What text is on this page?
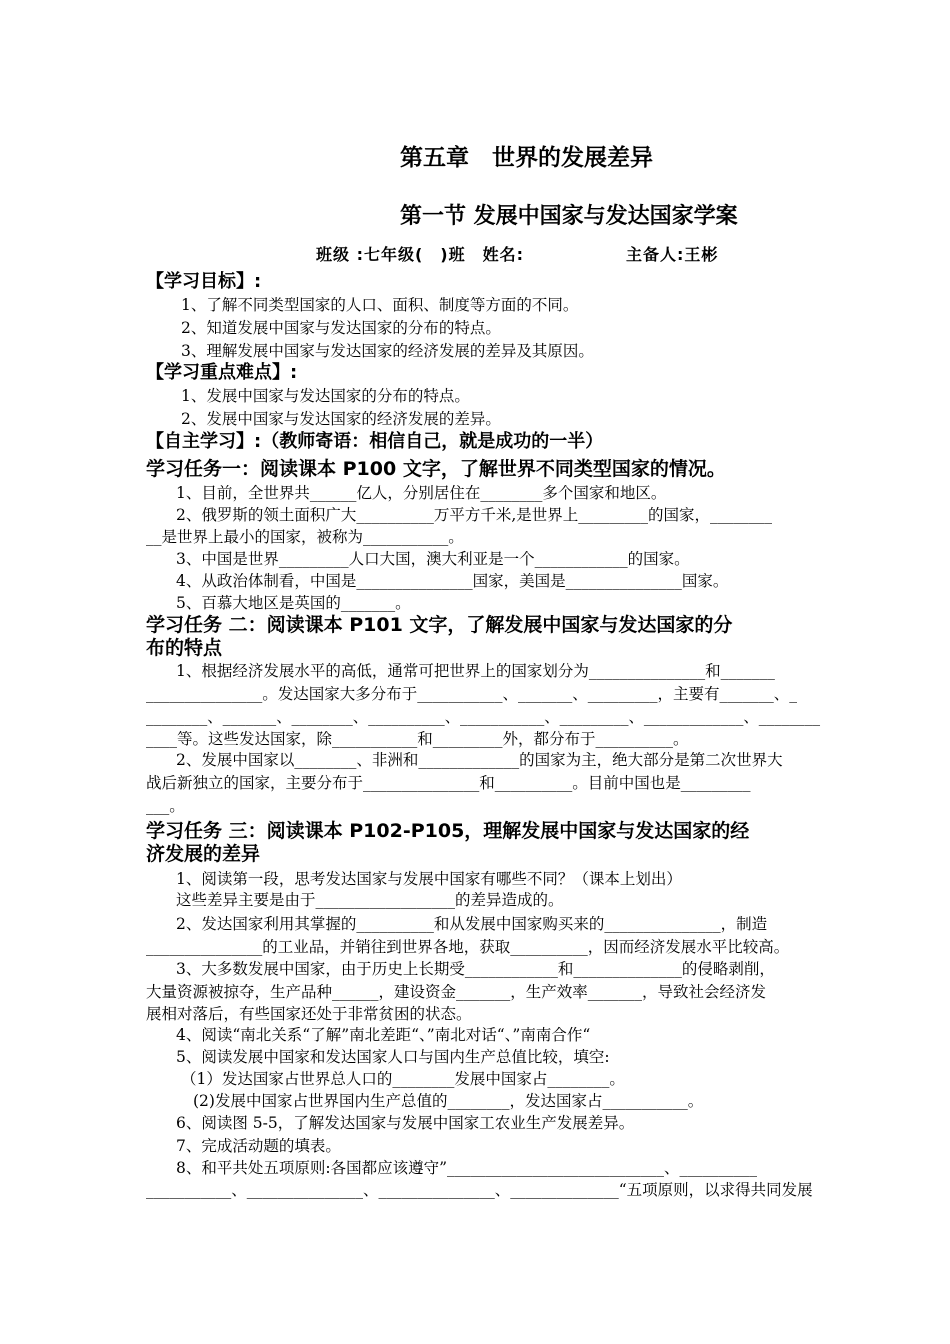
第五章　世界的发展差异
第一节 发展中国家与发达国家学案
班级 :七年级(　)班　姓名:　　　　　　主备人:王彬
【学习目标】:
1、了解不同类型国家的人口、面积、制度等方面的不同。
2、知道发展中国家与发达国家的分布的特点。
3、理解发展中国家与发达国家的经济发展的差异及其原因。
【学习重点难点】:
1、发展中国家与发达国家的分布的特点。
2、发展中国家与发达国家的经济发展的差异。
【自主学习】:（教师寄语：相信自己，就是成功的一半）
学习任务一：阅读课本 P100 文字，了解世界不同类型国家的情况。
1、目前，全世界共______亿人，分别居住在________多个国家和地区。
2、俄罗斯的领土面积广大__________万平方千米,是世界上_________的国家，________
__是世界上最小的国家，被称为___________。
3、中国是世界_________人口大国，澳大利亚是一个____________的国家。
4、从政治体制看，中国是_______________国家，美国是_______________国家。
5、百慕大地区是英国的_______。
学习任务 二：阅读课本 P101 文字，了解发展中国家与发达国家的分
布的特点
1、根据经济发展水平的高低，通常可把世界上的国家划分为_______________和_______
_______________。发达国家大多分布于___________、_______、_________，主要有_______、_
________、_______、________、__________、___________、_________、_____________、________
____等。这些发达国家，除___________和_________外，都分布于__________。
2、发展中国家以________、非洲和_____________的国家为主，绝大部分是第二次世界大
战后新独立的国家，主要分布于_______________和__________。目前中国也是_________
___。
学习任务 三：阅读课本 P102-P105，理解发展中国家与发达国家的经
济发展的差异
1、阅读第一段，思考发达国家与发展中国家有哪些不同？（课本上划出）
这些差异主要是由于__________________的差异造成的。
2、发达国家利用其掌握的__________和从发展中国家购买来的_______________，制造
_______________的工业品，并销往到世界各地，获取__________，因而经济发展水平比较高。
3、大多数发展中国家，由于历史上长期受____________和______________的侵略剥削，
大量资源被掠夺，生产品种______，建设资金_______，生产效率_______，导致社会经济发
展相对落后，有些国家还处于非常贫困的状态。
4、阅读“南北关系“了解”南北差距“、”南北对话“、”南南合作“
5、阅读发展中国家和发达国家人口与国内生产总值比较，填空:
（1）发达国家占世界总人口的________发展中国家占________。
(2)发展中国家占世界国内生产总值的________，发达国家占___________。
6、阅读图 5-5，了解发达国家与发展中国家工农业生产发展差异。
7、完成活动题的填表。
8、和平共处五项原则:各国都应该遵守”____________________________、__________
___________、_______________、_______________、______________“五项原则，以求得共同发展
